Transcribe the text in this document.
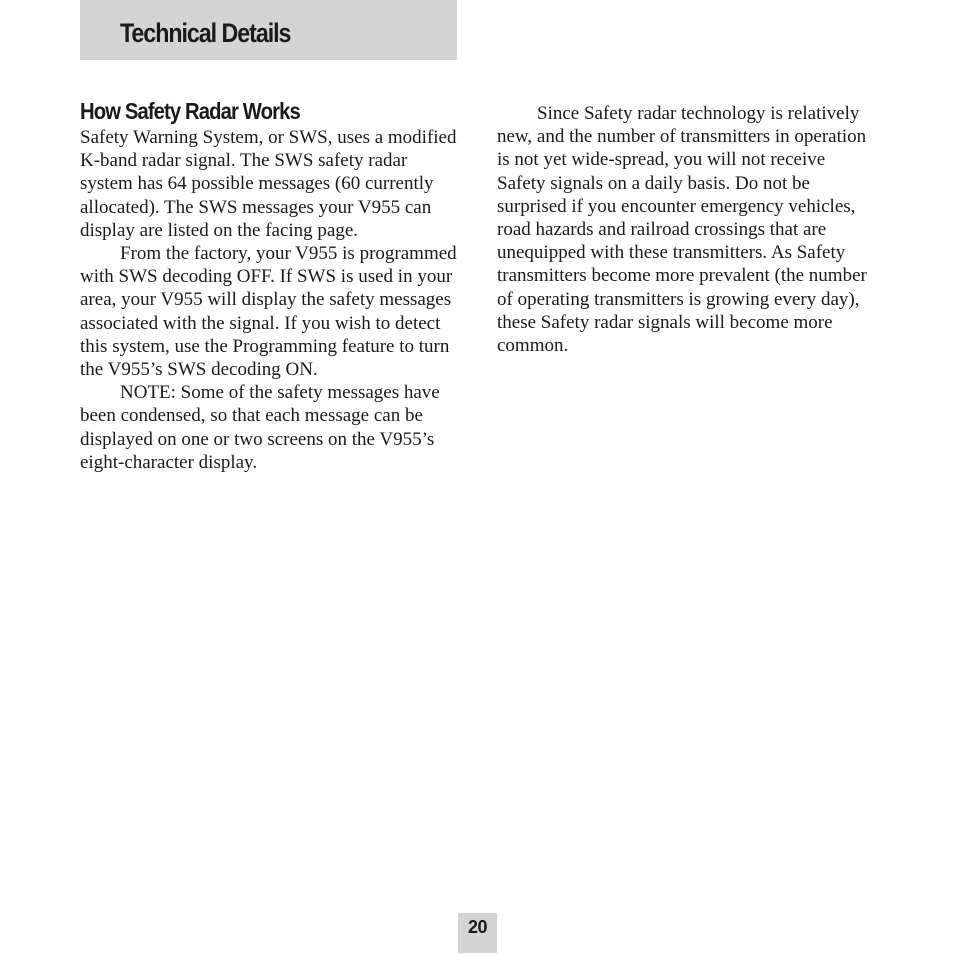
Technical Details
How Safety Radar Works

Safety Warning System, or SWS, uses a modified K-band radar signal. The SWS safety radar system has 64 possible messages (60 currently allocated). The SWS messages your V955 can display are listed on the facing page.

From the factory, your V955 is programmed with SWS decoding OFF. If SWS is used in your area, your V955 will display the safety messages associated with the signal. If you wish to detect this system, use the Programming feature to turn the V955’s SWS decoding ON.

NOTE: Some of the safety messages have been condensed, so that each message can be displayed on one or two screens on the V955’s eight-character display.

Since Safety radar technology is relatively new, and the number of transmitters in operation is not yet wide-spread, you will not receive Safety signals on a daily basis. Do not be surprised if you encounter emergency vehicles, road hazards and railroad crossings that are unequipped with these transmitters. As Safety transmitters become more prevalent (the number of operating transmitters is growing every day), these Safety radar signals will become more common.

20
